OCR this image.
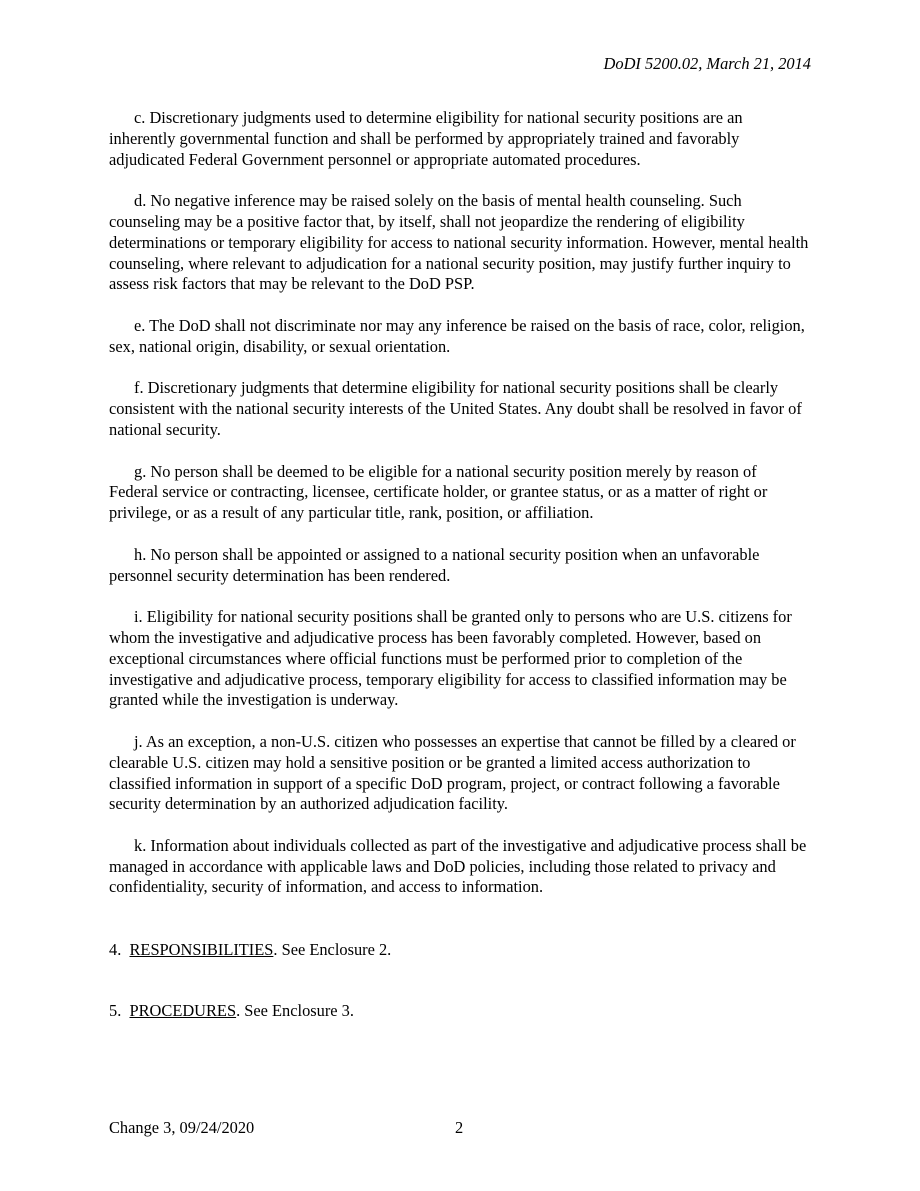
DoDI 5200.02, March 21, 2014

c. Discretionary judgments used to determine eligibility for national security positions are an inherently governmental function and shall be performed by appropriately trained and favorably adjudicated Federal Government personnel or appropriate automated procedures.

d. No negative inference may be raised solely on the basis of mental health counseling. Such counseling may be a positive factor that, by itself, shall not jeopardize the rendering of eligibility determinations or temporary eligibility for access to national security information. However, mental health counseling, where relevant to adjudication for a national security position, may justify further inquiry to assess risk factors that may be relevant to the DoD PSP.

e. The DoD shall not discriminate nor may any inference be raised on the basis of race, color, religion, sex, national origin, disability, or sexual orientation.

f. Discretionary judgments that determine eligibility for national security positions shall be clearly consistent with the national security interests of the United States. Any doubt shall be resolved in favor of national security.

g. No person shall be deemed to be eligible for a national security position merely by reason of Federal service or contracting, licensee, certificate holder, or grantee status, or as a matter of right or privilege, or as a result of any particular title, rank, position, or affiliation.

h. No person shall be appointed or assigned to a national security position when an unfavorable personnel security determination has been rendered.

i. Eligibility for national security positions shall be granted only to persons who are U.S. citizens for whom the investigative and adjudicative process has been favorably completed. However, based on exceptional circumstances where official functions must be performed prior to completion of the investigative and adjudicative process, temporary eligibility for access to classified information may be granted while the investigation is underway.

j. As an exception, a non-U.S. citizen who possesses an expertise that cannot be filled by a cleared or clearable U.S. citizen may hold a sensitive position or be granted a limited access authorization to classified information in support of a specific DoD program, project, or contract following a favorable security determination by an authorized adjudication facility.

k. Information about individuals collected as part of the investigative and adjudicative process shall be managed in accordance with applicable laws and DoD policies, including those related to privacy and confidentiality, security of information, and access to information.

4. RESPONSIBILITIES. See Enclosure 2.

5. PROCEDURES. See Enclosure 3.

Change 3, 09/24/2020	2
